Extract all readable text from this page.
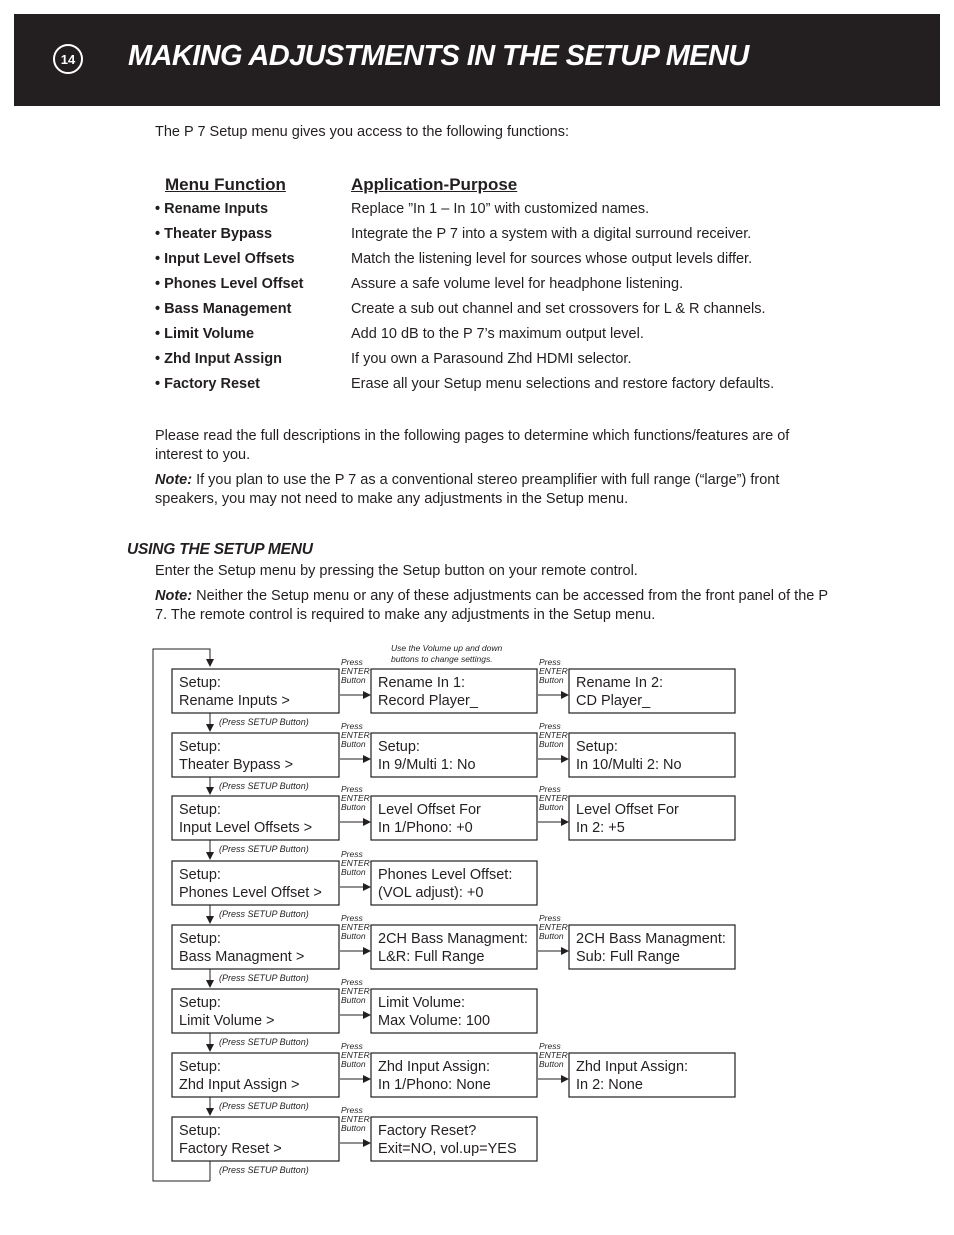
14 MAKING ADJUSTMENTS IN THE SETUP MENU
The P 7 Setup menu gives you access to the following functions:
Menu Function	Application-Purpose
• Rename Inputs	Replace ”In 1 – In 10” with customized names.
• Theater Bypass	Integrate the P 7 into a system with a digital surround receiver.
• Input Level Offsets	Match the listening level for sources whose output levels differ.
• Phones Level Offset	Assure a safe volume level for headphone listening.
• Bass Management	Create a sub out channel and set crossovers for L & R channels.
• Limit Volume	Add 10 dB to the P 7’s maximum output level.
• Zhd Input Assign	If you own a Parasound Zhd HDMI selector.
• Factory Reset	Erase all your Setup menu selections and restore factory defaults.
Please read the full descriptions in the following pages to determine which functions/features are of interest to you.
Note: If you plan to use the P 7 as a conventional stereo preamplifier with full range (“large”) front speakers, you may not need to make any adjustments in the Setup menu.
USING THE SETUP MENU
Enter the Setup menu by pressing the Setup button on your remote control.
Note: Neither the Setup menu or any of these adjustments can be accessed from the front panel of the P 7. The remote control is required to make any adjustments in the Setup menu.
Use the Volume up and down
buttons to change settings.
Setup:
Rename Inputs >
Rename In 1:
Record Player_
Press
ENTER
Button	Rename In 2:
CD Player_
Press
ENTER
Button
(Press SETUP Button)
Setup:
Theater Bypass >
Setup:
In 9/Multi 1: No
Press
ENTER
Button	Setup:
In 10/Multi 2: No
Press
ENTER
Button
(Press SETUP Button)
Setup:
Input Level Offsets >
Level Offset For
In 1/Phono: +0
Press
ENTER
Button	Level Offset For
In 2: +5
Press
ENTER
Button
(Press SETUP Button)
Setup:
Phones Level Offset >
Phones Level Offset:
(VOL adjust): +0
Press
ENTER
Button
(Press SETUP Button)
Setup:
Bass Managment >
2CH Bass Managment:
L&R: Full Range
Press
ENTER
Button	2CH Bass Managment:
Sub: Full Range
Press
ENTER
Button
(Press SETUP Button)
Setup:
Limit Volume >
Limit Volume:
Max Volume: 100
Press
ENTER
Button
(Press SETUP Button)
Setup:
Zhd Input Assign >
Zhd Input Assign:
In 1/Phono: None
Press
ENTER
Button	Zhd Input Assign:
In 2: None
Press
ENTER
Button
(Press SETUP Button)
Setup:
Factory Reset >
Factory Reset?
Exit=NO, vol.up=YES
Press
ENTER
Button
(Press SETUP Button)
